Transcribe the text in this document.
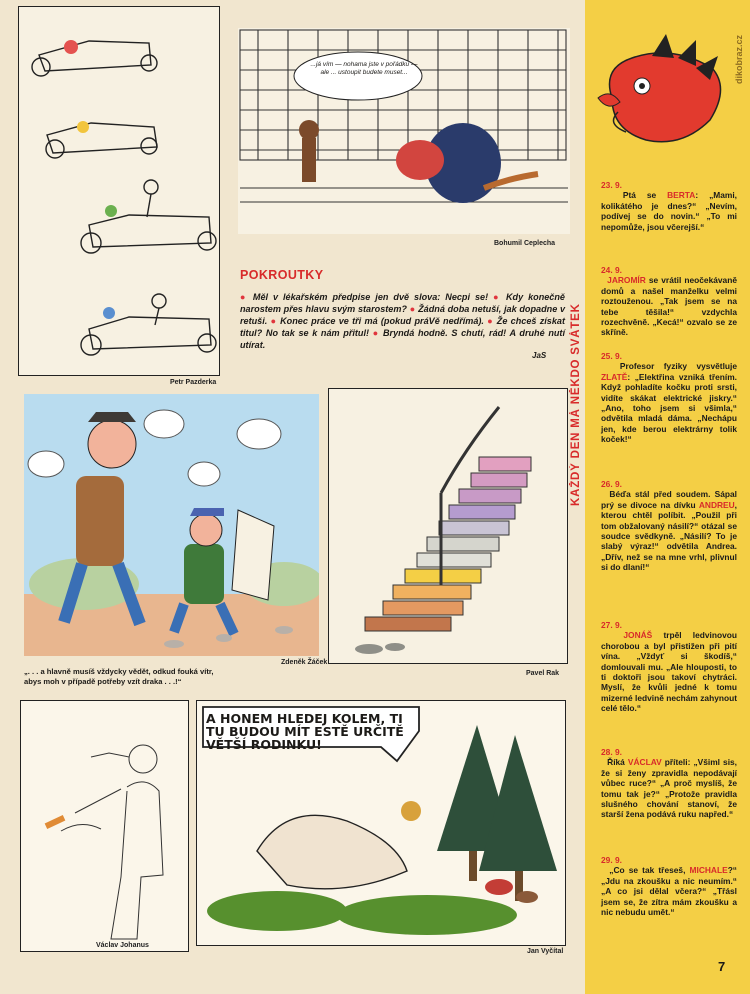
Petr Pazderka
...já vím — nohama jste v pořádku — ale ... ustoupit budete muset...
Bohumil Ceplecha
POKROUTKY
● Měl v lékařském předpise jen dvě slova: Necpi se! ● Kdy konečně narostem přes hlavu svým starostem? ● Žádná doba netuší, jak dopadne v retuši. ● Konec práce ve tři má (pokud práVě nedřímá). ● Že chceš získat titul? No tak se k nám přitul! ● Bryndá hodně. S chutí, rád! A druhé nutí utírat.
JaS
Zdeněk Žáček
„. . . a hlavně musíš vždycky vědět, odkud fouká vítr, abys moh v případě potřeby vzít draka . . .!“
Pavel Rak
Václav Johanus
A HONEM HLEDEJ KOLEM, TI TU BUDOU MÍT ESTĚ URČITĚ VĚTŠÍ RODINKU!
Jan Vyčítal
KAŽDÝ DEN MÁ NĚKDO SVÁTEK
dikobraz.cz
23. 9.
Ptá se BERTA: „Mami, kolikátého je dnes?“ „Nevím, podívej se do novin.“ „To mi nepomůže, jsou včerejší.“
24. 9.
JAROMÍR se vrátil neočekávaně domů a našel manželku velmi roztouženou. „Tak jsem se na tebe těšila!“ vzdychla rozechvěně. „Kecá!“ ozvalo se ze skříně.
25. 9.
Profesor fyziky vysvětluje ZLATĚ: „Elektřina vzniká třením. Když pohladíte kočku proti srsti, vidíte skákat elektrické jiskry.“ „Ano, toho jsem si všimla,“ odvětila mladá dáma. „Nechápu jen, kde berou elektrárny tolik koček!“
26. 9.
Béďa stál před soudem. Sápal prý se divoce na dívku ANDREU, kterou chtěl políbit. „Použil při tom obžalovaný násilí?“ otázal se soudce svědkyně. „Násilí? To je slabý výraz!“ odvětila Andrea. „Dřív, než se na mne vrhl, plivnul si do dlaní!“
27. 9.
JONÁŠ trpěl ledvinovou chorobou a byl přistižen při pití vína. „Vždyť si škodíš,“ domlouvali mu. „Ale hlouposti, to ti doktoři jsou takoví chytráci. Myslí, že kvůli jedné k tomu mizerné ledvině nechám zahynout celé tělo.“
28. 9.
Říká VÁCLAV příteli: „Všiml sis, že si ženy zpravidla nepodávají vůbec ruce?“ „A proč myslíš, že tomu tak je?“ „Protože pravidla slušného chování stanoví, že starší žena podává ruku napřed.“
29. 9.
„Co se tak třeseš, MICHALE?“ „Jdu na zkoušku a nic neumím.“ „A co jsi dělal včera?“ „Třásl jsem se, že zítra mám zkoušku a nic nebudu umět.“
7
